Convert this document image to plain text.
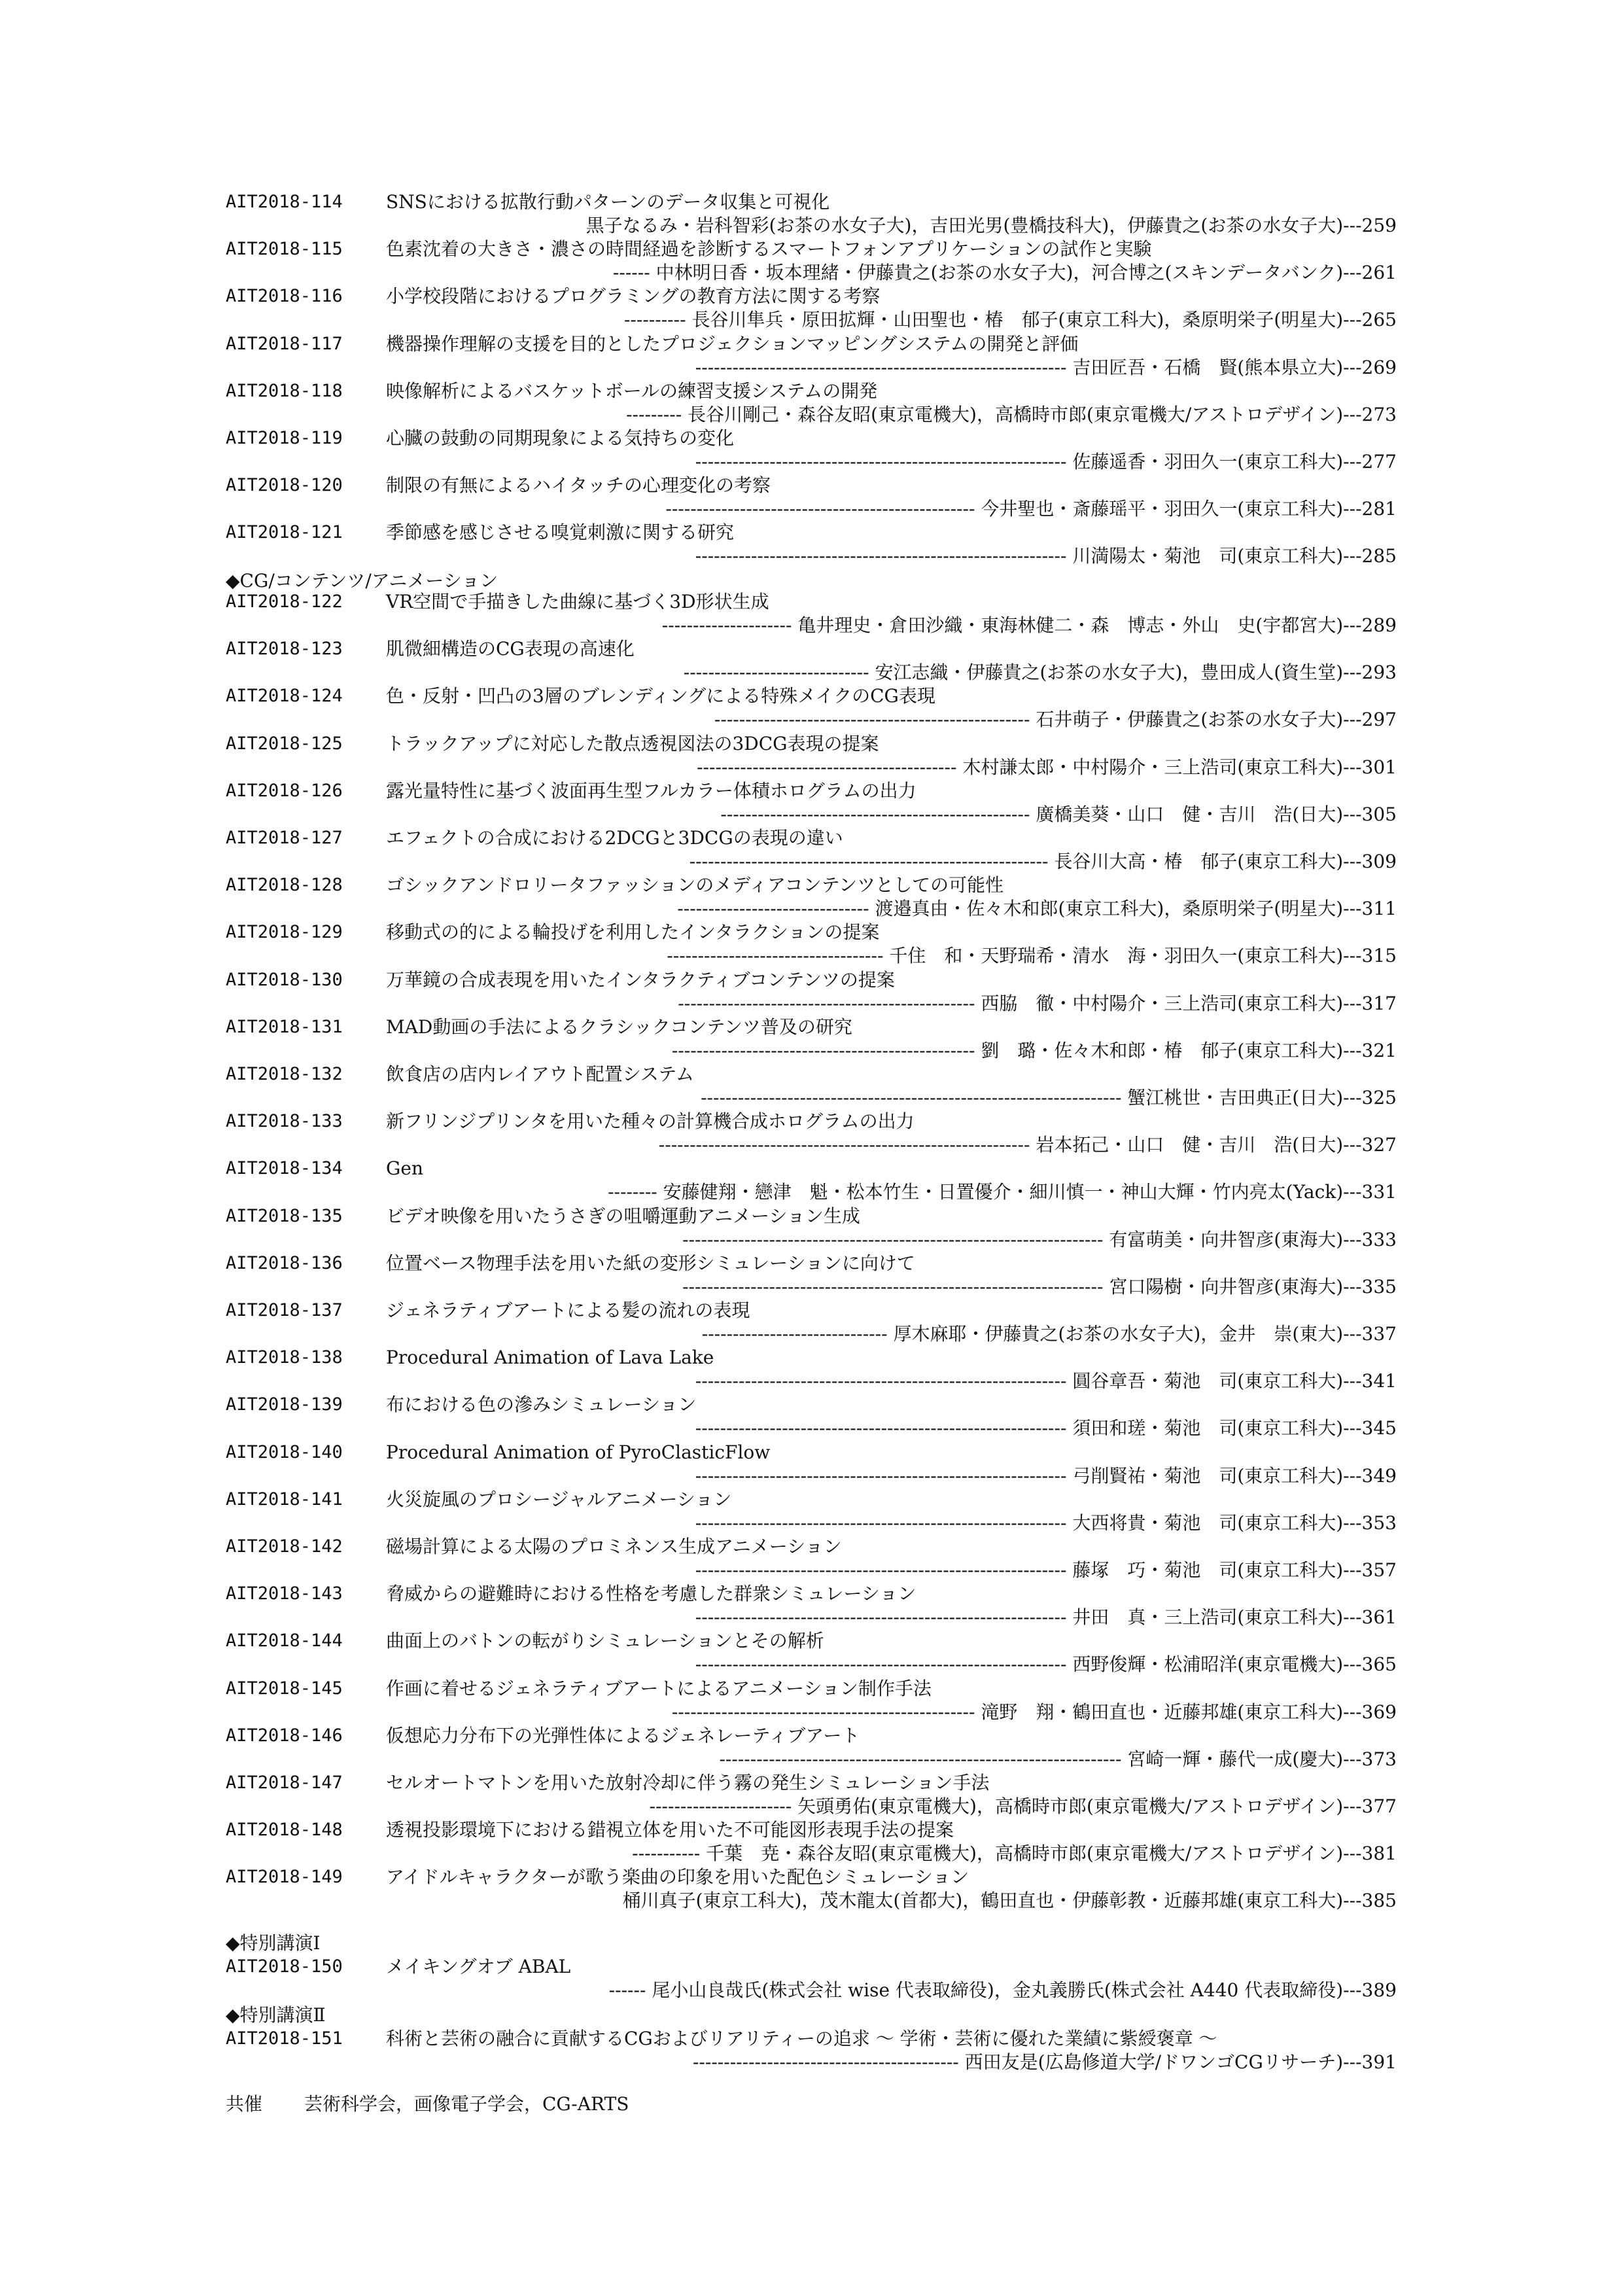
AIT2018-114	SNSにおける拡散行動パターンのデータ収集と可視化
黒子なるみ・岩科智彩(お茶の水女子大)，吉田光男(豊橋技科大)，伊藤貴之(お茶の水女子大)---259
AIT2018-115	色素沈着の大きさ・濃さの時間経過を診断するスマートフォンアプリケーションの試作と実験
------ 中林明日香・坂本理緒・伊藤貴之(お茶の水女子大)，河合博之(スキンデータバンク)---261
AIT2018-116	小学校段階におけるプログラミングの教育方法に関する考察
---------- 長谷川隼兵・原田拡輝・山田聖也・椿　郁子(東京工科大)，桑原明栄子(明星大)---265
AIT2018-117	機器操作理解の支援を目的としたプロジェクションマッピングシステムの開発と評価
------------------------------------------------------------ 吉田匠吾・石橋　賢(熊本県立大)---269
AIT2018-118	映像解析によるバスケットボールの練習支援システムの開発
--------- 長谷川剛己・森谷友昭(東京電機大)，高橋時市郎(東京電機大/アストロデザイン)---273
AIT2018-119	心臓の鼓動の同期現象による気持ちの変化
------------------------------------------------------------ 佐藤遥香・羽田久一(東京工科大)---277
AIT2018-120	制限の有無によるハイタッチの心理変化の考察
-------------------------------------------------- 今井聖也・斎藤瑶平・羽田久一(東京工科大)---281
AIT2018-121	季節感を感じさせる嗅覚刺激に関する研究
------------------------------------------------------------ 川満陽太・菊池　司(東京工科大)---285
◆CG/コンテンツ/アニメーション
AIT2018-122	VR空間で手描きした曲線に基づく3D形状生成
--------------------- 亀井理史・倉田沙織・東海林健二・森　博志・外山　史(宇都宮大)---289
AIT2018-123	肌微細構造のCG表現の高速化
------------------------------ 安江志織・伊藤貴之(お茶の水女子大)，豊田成人(資生堂)---293
AIT2018-124	色・反射・凹凸の3層のブレンディングによる特殊メイクのCG表現
--------------------------------------------------- 石井萌子・伊藤貴之(お茶の水女子大)---297
AIT2018-125	トラックアップに対応した散点透視図法の3DCG表現の提案
------------------------------------------ 木村謙太郎・中村陽介・三上浩司(東京工科大)---301
AIT2018-126	露光量特性に基づく波面再生型フルカラー体積ホログラムの出力
-------------------------------------------------- 廣橋美葵・山口　健・吉川　浩(日大)---305
AIT2018-127	エフェクトの合成における2DCGと3DCGの表現の違い
---------------------------------------------------------- 長谷川大高・椿　郁子(東京工科大)---309
AIT2018-128	ゴシックアンドロリータファッションのメディアコンテンツとしての可能性
------------------------------- 渡邉真由・佐々木和郎(東京工科大)，桑原明栄子(明星大)---311
AIT2018-129	移動式の的による輪投げを利用したインタラクションの提案
----------------------------------- 千住　和・天野瑞希・清水　海・羽田久一(東京工科大)---315
AIT2018-130	万華鏡の合成表現を用いたインタラクティブコンテンツの提案
------------------------------------------------ 西脇　徹・中村陽介・三上浩司(東京工科大)---317
AIT2018-131	MAD動画の手法によるクラシックコンテンツ普及の研究
------------------------------------------------- 劉　璐・佐々木和郎・椿　郁子(東京工科大)---321
AIT2018-132	飲食店の店内レイアウト配置システム
-------------------------------------------------------------------- 蟹江桃世・吉田典正(日大)---325
AIT2018-133	新フリンジプリンタを用いた種々の計算機合成ホログラムの出力
------------------------------------------------------------ 岩本拓己・山口　健・吉川　浩(日大)---327
AIT2018-134	Gen
-------- 安藤健翔・戀津　魁・松本竹生・日置優介・細川慎一・神山大輝・竹内亮太(Yack)---331
AIT2018-135	ビデオ映像を用いたうさぎの咀嚼運動アニメーション生成
-------------------------------------------------------------------- 有富萌美・向井智彦(東海大)---333
AIT2018-136	位置ベース物理手法を用いた紙の変形シミュレーションに向けて
-------------------------------------------------------------------- 宮口陽樹・向井智彦(東海大)---335
AIT2018-137	ジェネラティブアートによる髪の流れの表現
------------------------------ 厚木麻耶・伊藤貴之(お茶の水女子大)，金井　崇(東大)---337
AIT2018-138	Procedural Animation of Lava Lake
------------------------------------------------------------ 圓谷章吾・菊池　司(東京工科大)---341
AIT2018-139	布における色の滲みシミュレーション
------------------------------------------------------------ 須田和瑳・菊池　司(東京工科大)---345
AIT2018-140	Procedural Animation of PyroClasticFlow
------------------------------------------------------------ 弓削賢祐・菊池　司(東京工科大)---349
AIT2018-141	火災旋風のプロシージャルアニメーション
------------------------------------------------------------ 大西将貴・菊池　司(東京工科大)---353
AIT2018-142	磁場計算による太陽のプロミネンス生成アニメーション
------------------------------------------------------------ 藤塚　巧・菊池　司(東京工科大)---357
AIT2018-143	脅威からの避難時における性格を考慮した群衆シミュレーション
------------------------------------------------------------ 井田　真・三上浩司(東京工科大)---361
AIT2018-144	曲面上のバトンの転がりシミュレーションとその解析
------------------------------------------------------------ 西野俊輝・松浦昭洋(東京電機大)---365
AIT2018-145	作画に着せるジェネラティブアートによるアニメーション制作手法
------------------------------------------------- 滝野　翔・鶴田直也・近藤邦雄(東京工科大)---369
AIT2018-146	仮想応力分布下の光弾性体によるジェネレーティブアート
----------------------------------------------------------------- 宮崎一輝・藤代一成(慶大)---373
AIT2018-147	セルオートマトンを用いた放射冷却に伴う霧の発生シミュレーション手法
----------------------- 矢頭勇佑(東京電機大)，高橋時市郎(東京電機大/アストロデザイン)---377
AIT2018-148	透視投影環境下における錯視立体を用いた不可能図形表現手法の提案
----------- 千葉　尭・森谷友昭(東京電機大)，高橋時市郎(東京電機大/アストロデザイン)---381
AIT2018-149	アイドルキャラクターが歌う楽曲の印象を用いた配色シミュレーション
桶川真子(東京工科大)，茂木龍太(首都大)，鶴田直也・伊藤彰教・近藤邦雄(東京工科大)---385
◆特別講演Ⅰ
AIT2018-150	メイキングオブ ABAL
------ 尾小山良哉氏(株式会社 wise 代表取締役)，金丸義勝氏(株式会社 A440 代表取締役)---389
◆特別講演Ⅱ
AIT2018-151	科術と芸術の融合に貢献するCGおよびリアリティーの追求 〜 学術・芸術に優れた業績に紫綬褒章 〜
------------------------------------------- 西田友是(広島修道大学/ドワンゴCGリサーチ)---391
共催 芸術科学会，画像電子学会，CG-ARTS
